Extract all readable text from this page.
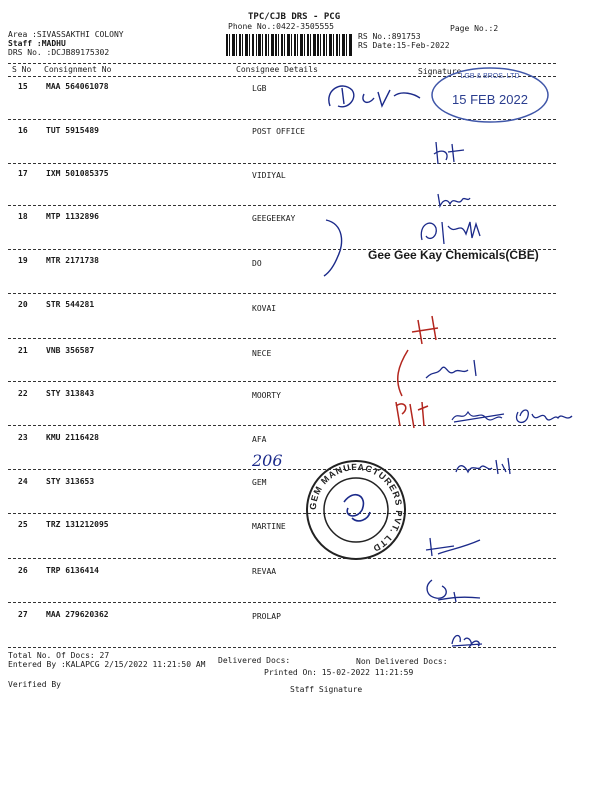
TPC/CJB DRS - PCG
Phone No.:0422-3505555	Page No.:2
Area :SIVASSAKTHI COLONY
Staff :MADHU
DRS No. :DCJB89175302
RS No.:891753
RS Date:15-Feb-2022
S No Consignment No	Consignee Details	Signature
15 MAA 564061078	LGB
16 TUT 5915489	POST OFFICE
17 IXM 501085375	VIDIYAL
18 MTP 1132896	GEEGEEKAY
19 MTR 2171738	DO
20 STR 544281	KOVAI
21 VNB 356587	NECE
22 STY 313843	MOORTY
23 KMU 2116428	AFA
24 STY 313653	GEM
25 TRZ 131212095	MARTINE
26 TRP 6136414	REVAA
27 MAA 279620362	PROLAP
Total No. Of Docs: 27
Delivered Docs:	Non Delivered Docs:
Entered By :KALAPCG 2/15/2022 11:21:50 AM
Printed On: 15-02-2022 11:21:59
Verified By
Staff Signature
LGB & BROS. LTD
15 FEB 2022
Gee Gee Kay Chemicals(CBE)
206
GEM MANUFACTURERS PVT. LTD
